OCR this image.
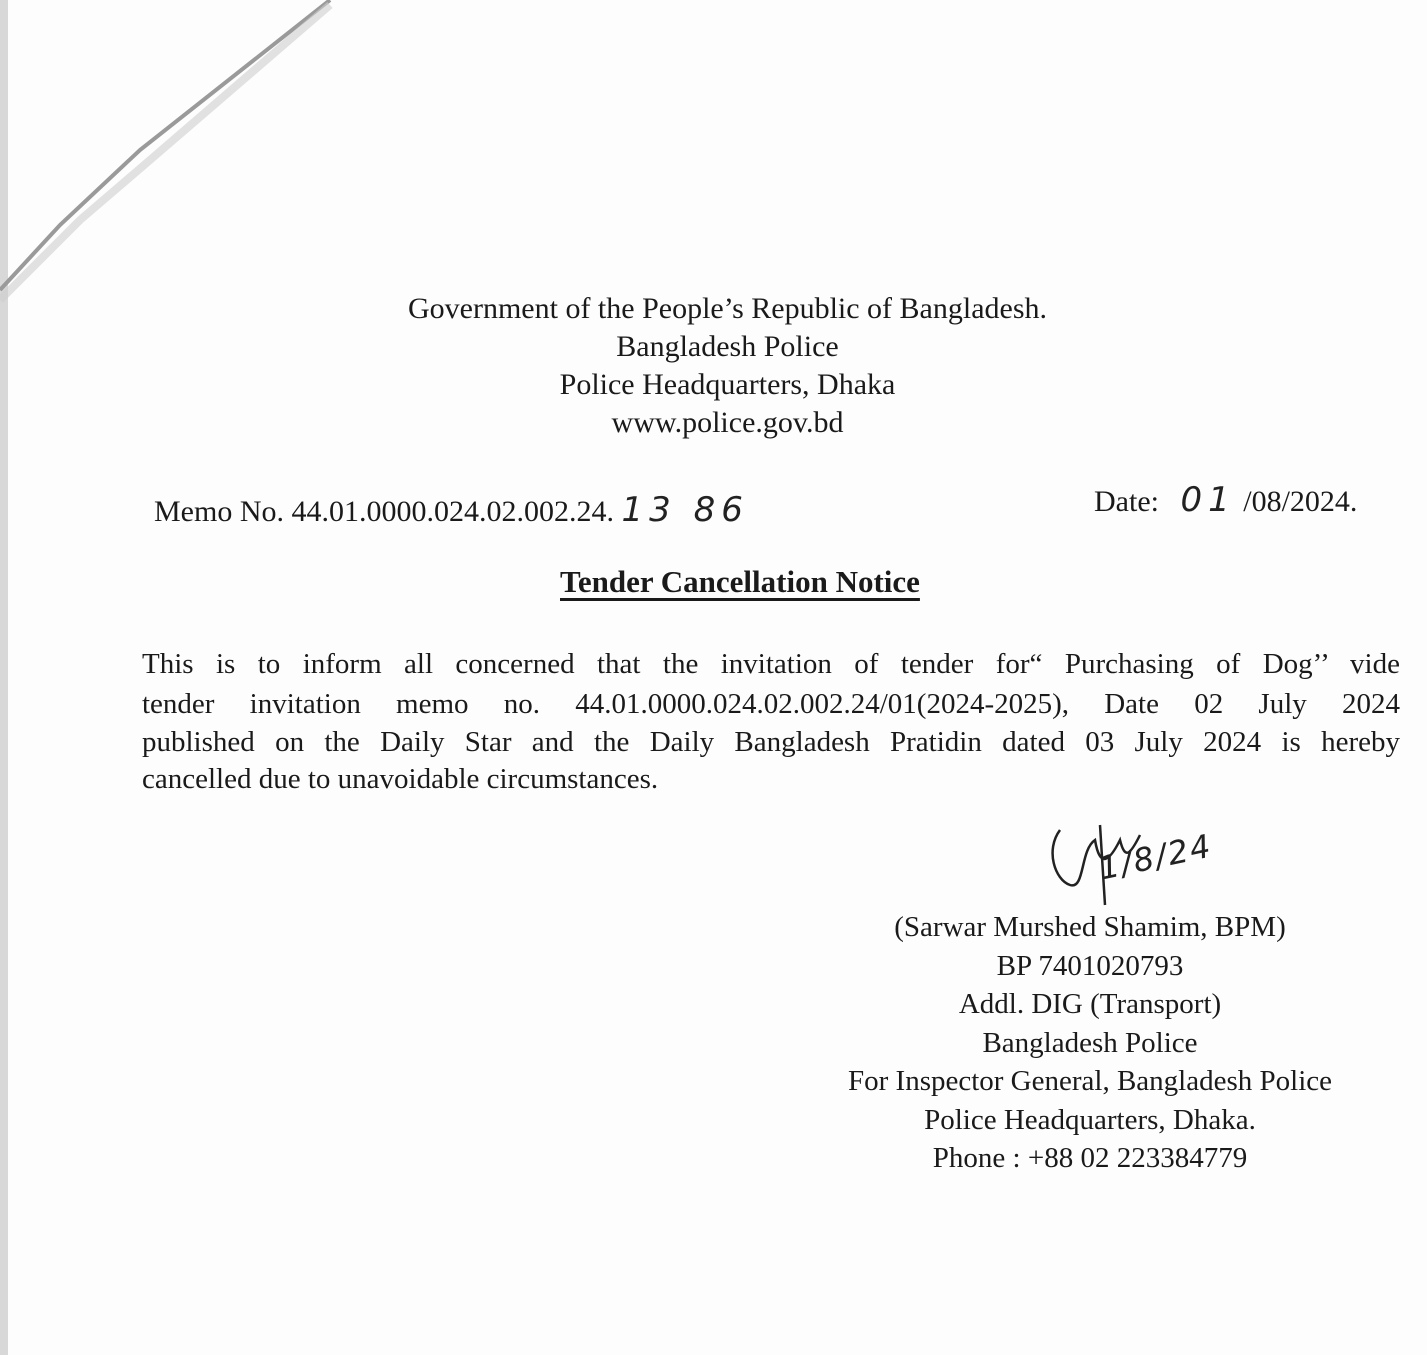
Government of the People’s Republic of Bangladesh.
Bangladesh Police
Police Headquarters, Dhaka
www.police.gov.bd
Memo No. 44.01.0000.024.02.002.24. 13 86	Date: 01 /08/2024.
Tender Cancellation Notice
This is to inform all concerned that the invitation of tender for“ Purchasing of Dog’’ vide
tender invitation memo no. 44.01.0000.024.02.002.24/01(2024-2025), Date 02 July 2024
published on the Daily Star and the Daily Bangladesh Pratidin dated 03 July 2024 is hereby
cancelled due to unavoidable circumstances.
1/8/24
(Sarwar Murshed Shamim, BPM)
BP 7401020793
Addl. DIG (Transport)
Bangladesh Police
For Inspector General, Bangladesh Police
Police Headquarters, Dhaka.
Phone : +88 02 223384779
